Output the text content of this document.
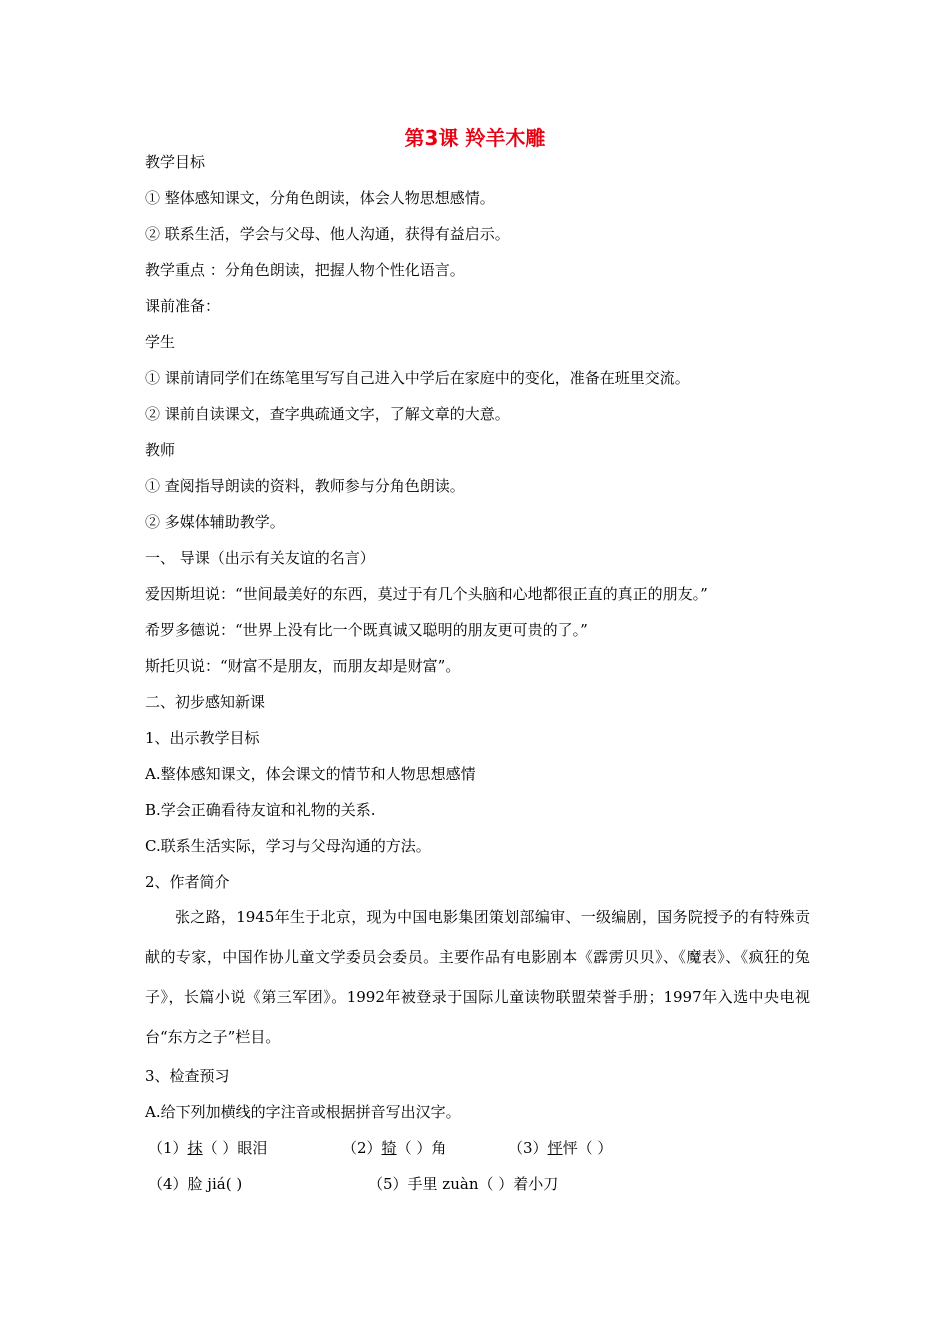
第3课 羚羊木雕
教学目标
① 整体感知课文，分角色朗读，体会人物思想感情。
② 联系生活，学会与父母、他人沟通，获得有益启示。
教学重点 ：分角色朗读，把握人物个性化语言。
课前准备：
学生
① 课前请同学们在练笔里写写自己进入中学后在家庭中的变化，准备在班里交流。
② 课前自读课文，查字典疏通文字，了解文章的大意。
教师
① 查阅指导朗读的资料，教师参与分角色朗读。
② 多媒体辅助教学。
一、 导课（出示有关友谊的名言）
爱因斯坦说：“世间最美好的东西，莫过于有几个头脑和心地都很正直的真正的朋友。”
希罗多德说：“世界上没有比一个既真诚又聪明的朋友更可贵的了。”
斯托贝说：“财富不是朋友，而朋友却是财富”。
二、初步感知新课
1、出示教学目标
A.整体感知课文，体会课文的情节和人物思想感情
B.学会正确看待友谊和礼物的关系.
C.联系生活实际，学习与父母沟通的方法。
2、作者简介
张之路，1945年生于北京，现为中国电影集团策划部编审、一级编剧，国务院授予的有特殊贡献的专家，中国作协儿童文学委员会委员。主要作品有电影剧本《霹雳贝贝》、《魔表》、《疯狂的兔子》，长篇小说《第三军团》。1992年被登录于国际儿童读物联盟荣誉手册；1997年入选中央电视台“东方之子”栏目。
3、检查预习
A.给下列加横线的字注音或根据拼音写出汉字。
（1）抹（ ）眼泪	（2）犄（ ）角	（3）怦怦（ ）
（4）脸 jiá( )	（5）手里 zuàn（ ）着小刀
